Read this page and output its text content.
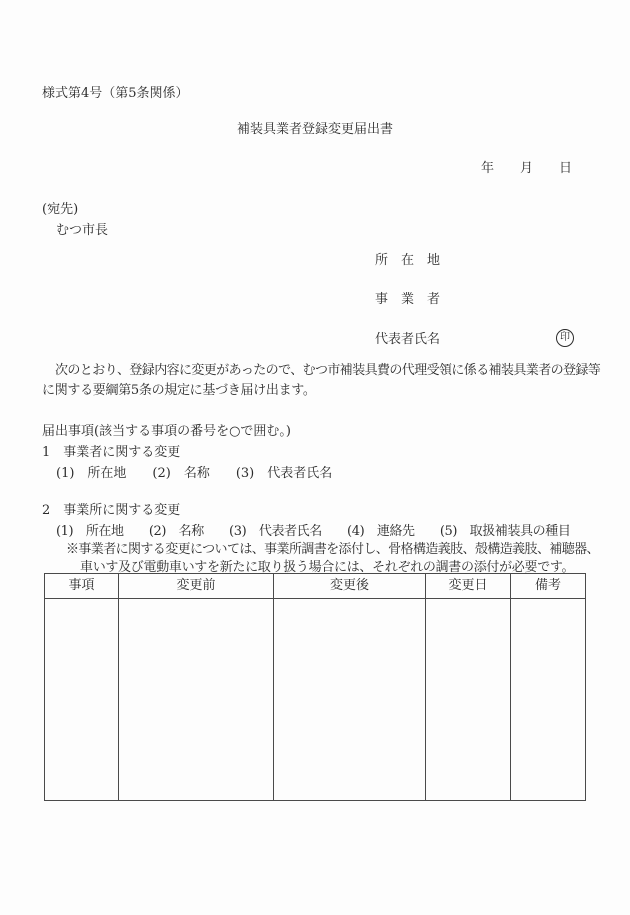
様式第4号（第5条関係）
補装具業者登録変更届出書
年　　月　　日
(宛先)
むつ市長
所　在　地
事　業　者
代表者氏名	印
次のとおり、登録内容に変更があったので、むつ市補装具費の代理受領に係る補装具業者の登録等
に関する要綱第5条の規定に基づき届け出ます。
届出事項(該当する事項の番号を○で囲む。)
1　事業者に関する変更
(1)　所在地　　(2)　名称　　(3)　代表者氏名
2　事業所に関する変更
(1)　所在地　　(2)　名称　　(3)　代表者氏名　　(4)　連絡先　　(5)　取扱補装具の種目
※事業者に関する変更については、事業所調書を添付し、骨格構造義肢、殻構造義肢、補聴器、
車いす及び電動車いすを新たに取り扱う場合には、それぞれの調書の添付が必要です。
事項	変更前	変更後	変更日	備考
